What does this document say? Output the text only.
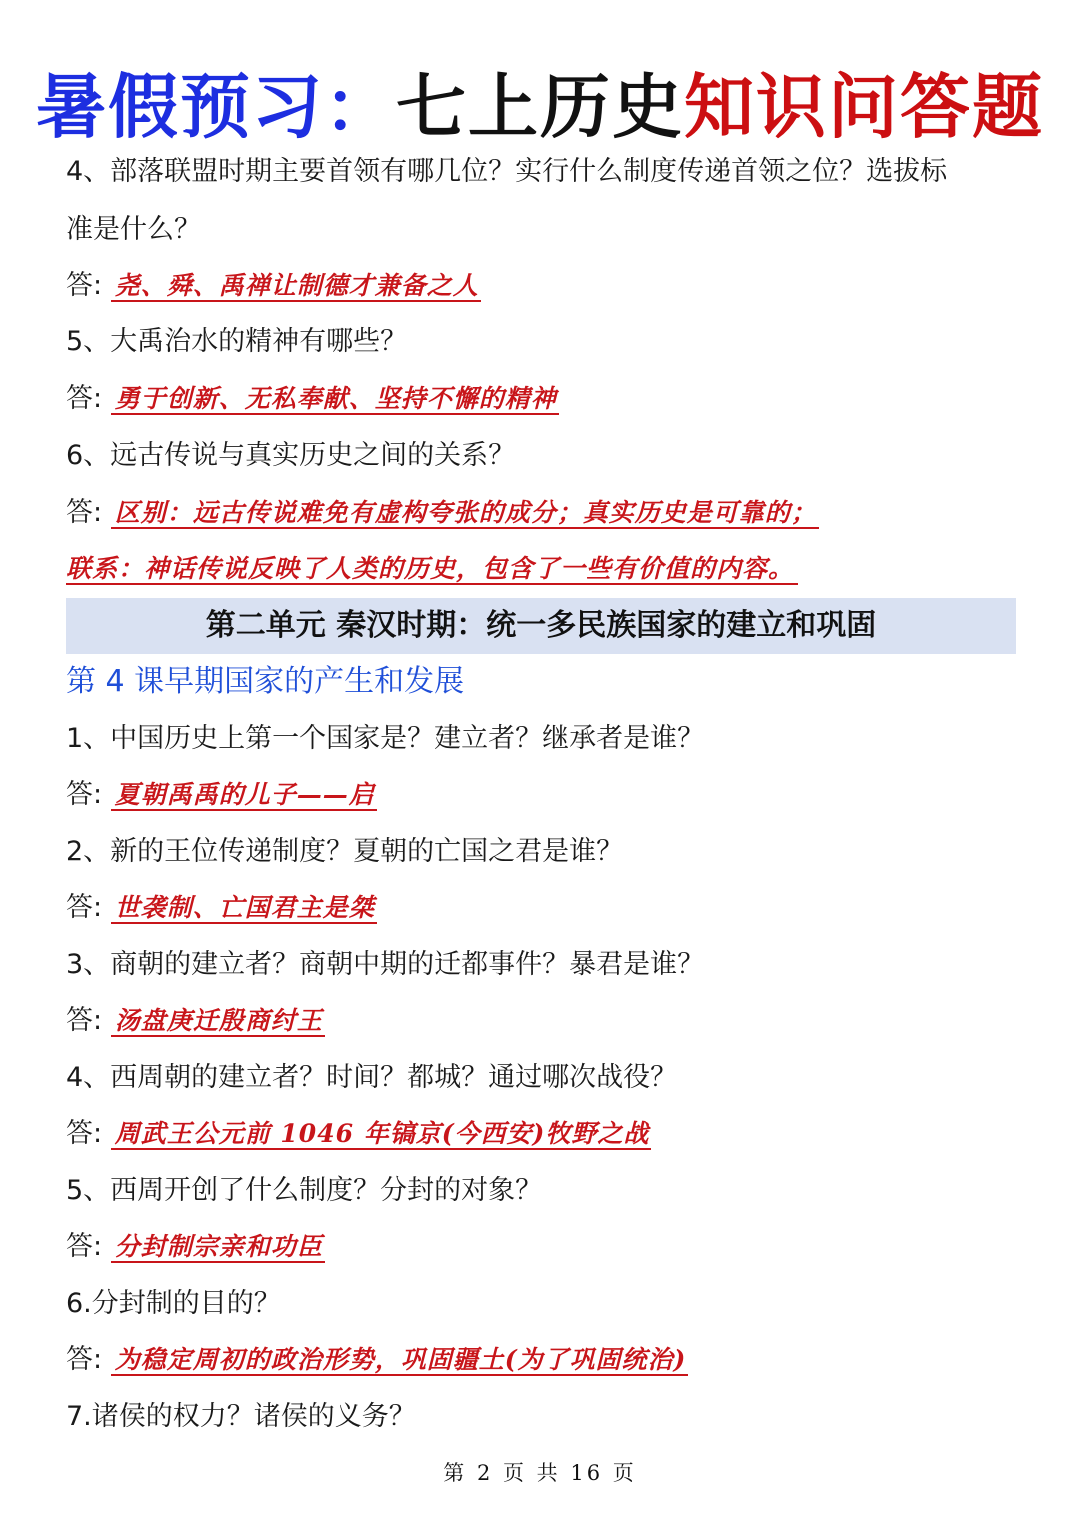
暑假预习：七上历史知识问答题
4、部落联盟时期主要首领有哪几位？实行什么制度传递首领之位？选拔标
准是什么？
答: 尧、舜、禹禅让制德才兼备之人
5、大禹治水的精神有哪些？
答: 勇于创新、无私奉献、坚持不懈的精神
6、远古传说与真实历史之间的关系？
答: 区别：远古传说难免有虚构夸张的成分；真实历史是可靠的；
联系：神话传说反映了人类的历史，包含了一些有价值的内容。
第二单元 秦汉时期：统一多民族国家的建立和巩固
第 4 课早期国家的产生和发展
1、中国历史上第一个国家是？建立者？继承者是谁？
答: 夏朝禹禹的儿子——启
2、新的王位传递制度？夏朝的亡国之君是谁？
答: 世袭制、亡国君主是桀
3、商朝的建立者？商朝中期的迁都事件？暴君是谁？
答: 汤盘庚迁殷商纣王
4、西周朝的建立者？时间？都城？通过哪次战役？
答: 周武王公元前 1046 年镐京(今西安)牧野之战
5、西周开创了什么制度？分封的对象？
答: 分封制宗亲和功臣
6.分封制的目的？
答: 为稳定周初的政治形势，巩固疆土(为了巩固统治)
7.诸侯的权力？诸侯的义务？
第 2 页 共 16 页
